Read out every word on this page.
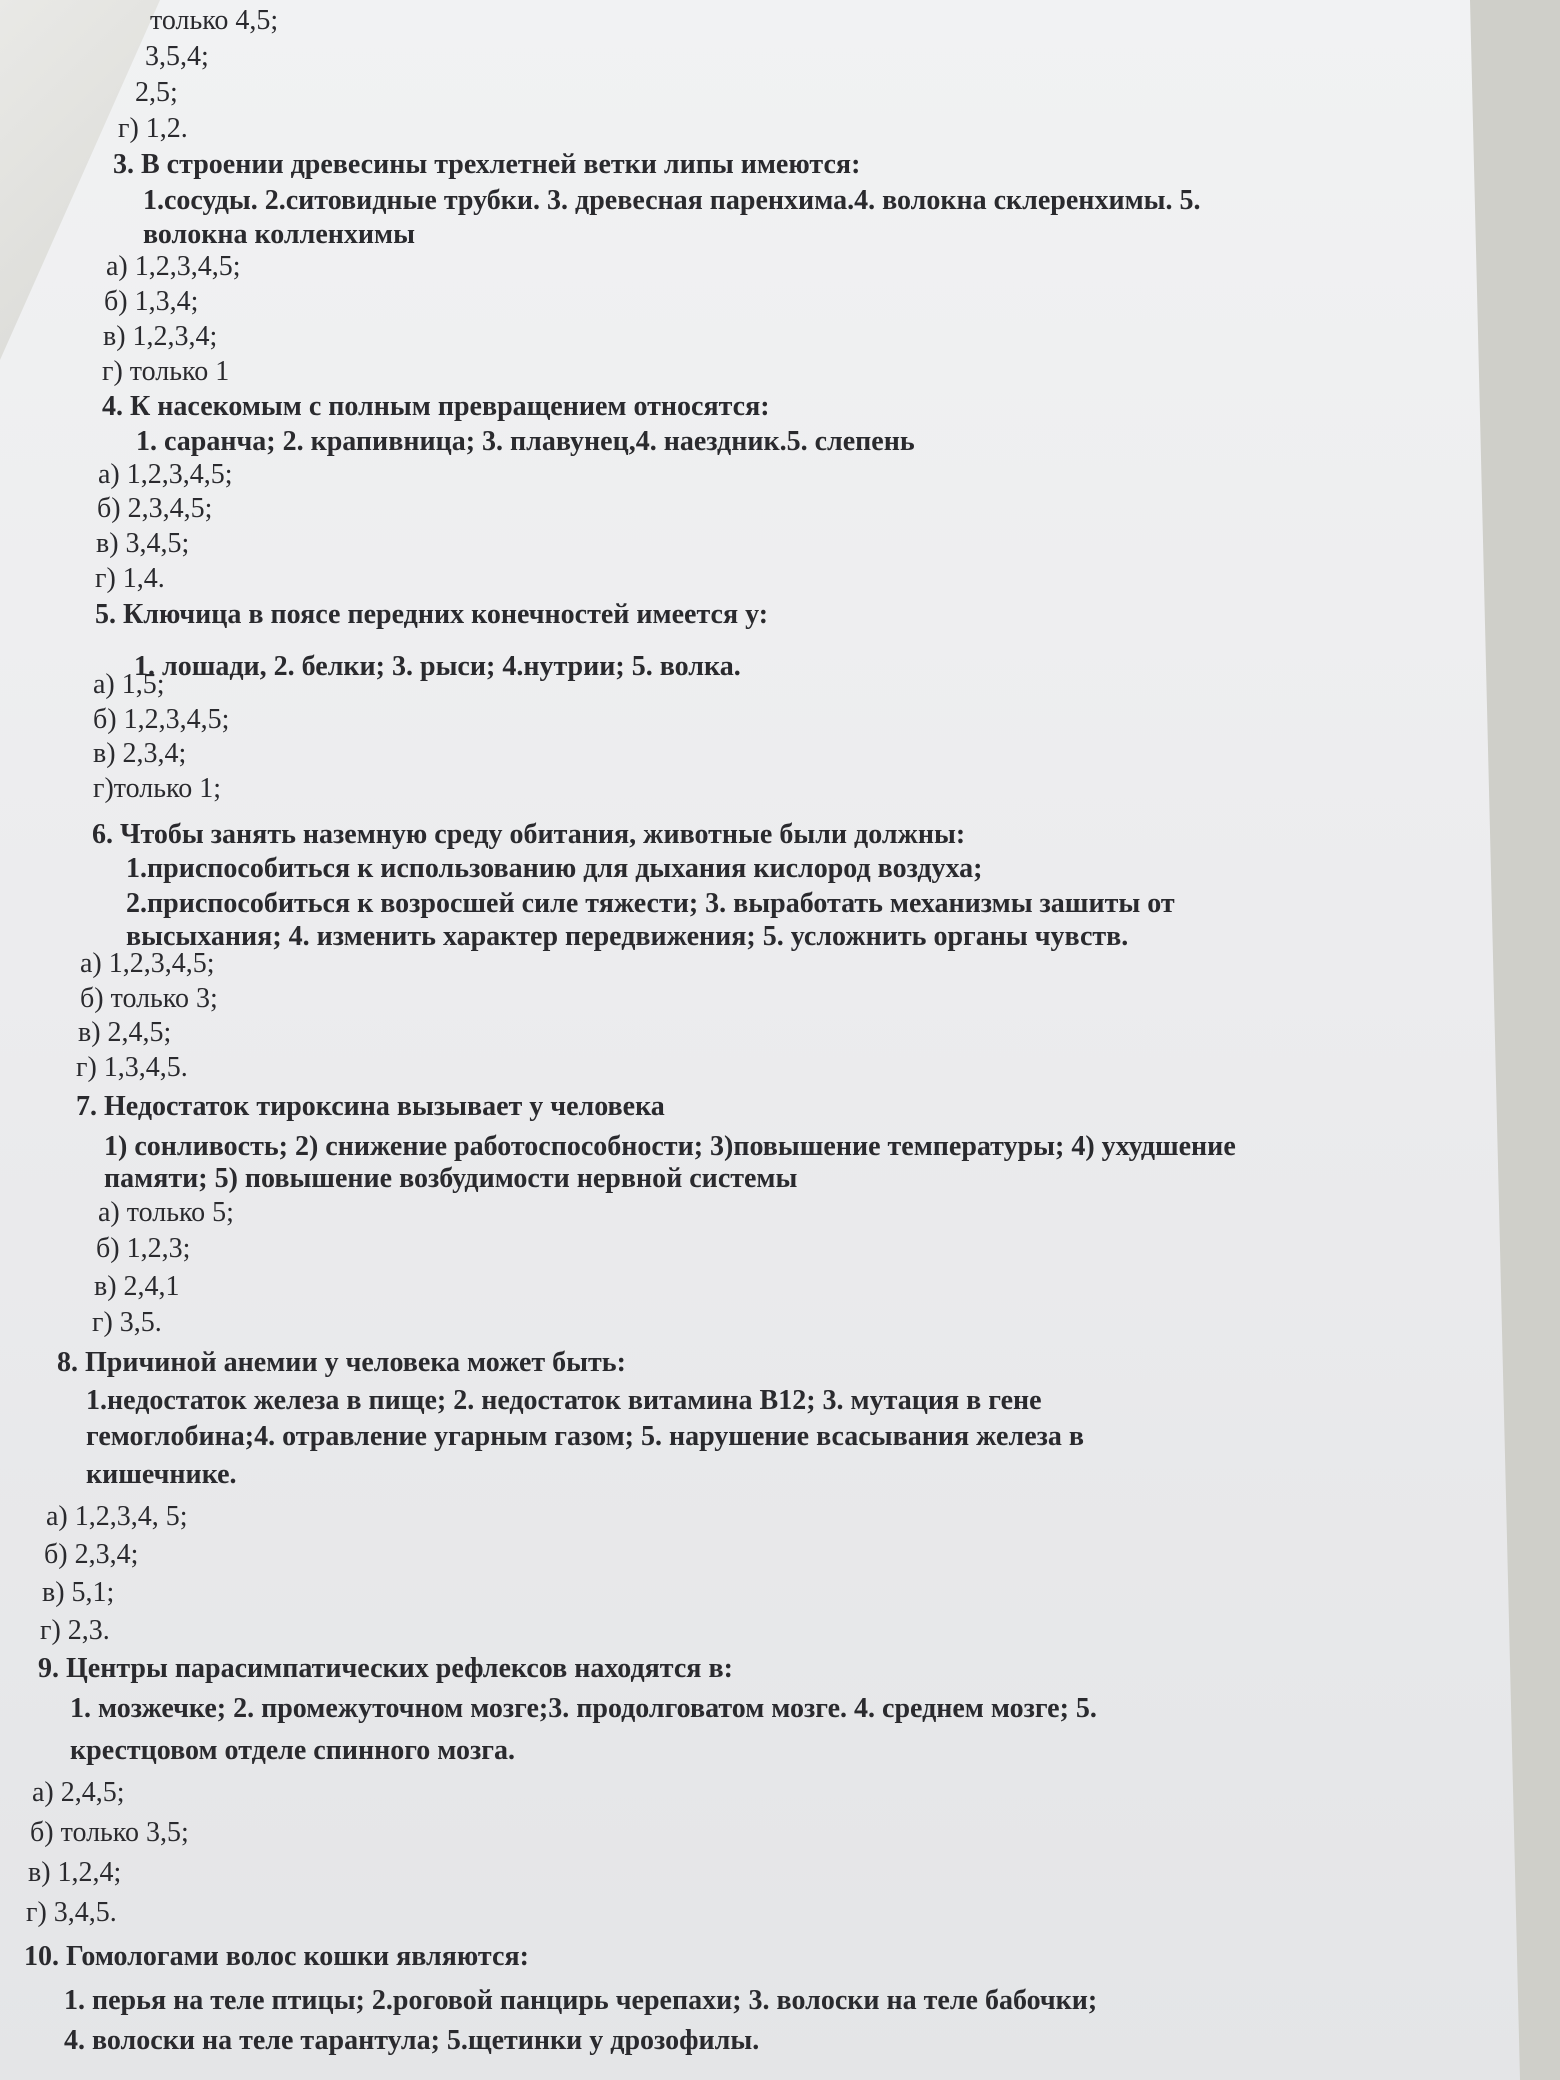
только 4,5;
3,5,4;
2,5;
г) 1,2.
3. В строении древесины трехлетней ветки липы имеются:
1.сосуды. 2.ситовидные трубки. 3. древесная паренхима.4. волокна склеренхимы. 5.
волокна колленхимы
а) 1,2,3,4,5;
б) 1,3,4;
в) 1,2,3,4;
г) только 1
4. К насекомым с полным превращением относятся:
1. саранча; 2. крапивница; 3. плавунец,4. наездник.5. слепень
а) 1,2,3,4,5;
б) 2,3,4,5;
в) 3,4,5;
г) 1,4.
5. Ключица в поясе передних конечностей имеется у:
1. лошади, 2. белки; 3. рыси; 4.нутрии; 5. волка.
а) 1,5;
б) 1,2,3,4,5;
в) 2,3,4;
г)только 1;
6. Чтобы занять наземную среду обитания, животные были должны:
1.приспособиться к использованию для дыхания кислород воздуха;
2.приспособиться к возросшей силе тяжести; 3. выработать механизмы зашиты от
высыхания; 4. изменить характер передвижения; 5. усложнить органы чувств.
а) 1,2,3,4,5;
б) только 3;
в) 2,4,5;
г) 1,3,4,5.
7. Недостаток тироксина вызывает у человека
1) сонливость; 2) снижение работоспособности; 3)повышение температуры; 4) ухудшение
памяти; 5) повышение возбудимости нервной системы
а) только 5;
б) 1,2,3;
в) 2,4,1
г) 3,5.
8. Причиной анемии у человека может быть:
1.недостаток железа в пище; 2. недостаток витамина B12; 3. мутация в гене
гемоглобина;4. отравление угарным газом; 5. нарушение всасывания железа в
кишечнике.
а) 1,2,3,4, 5;
б) 2,3,4;
в) 5,1;
г) 2,3.
9. Центры парасимпатических рефлексов находятся в:
1. мозжечке; 2. промежуточном мозге;3. продолговатом мозге. 4. среднем мозге; 5.
крестцовом отделе спинного мозга.
а) 2,4,5;
б) только 3,5;
в) 1,2,4;
г) 3,4,5.
10. Гомологами волос кошки являются:
1. перья на теле птицы; 2.роговой панцирь черепахи; 3. волоски на теле бабочки;
4. волоски на теле тарантула; 5.щетинки у дрозофилы.
